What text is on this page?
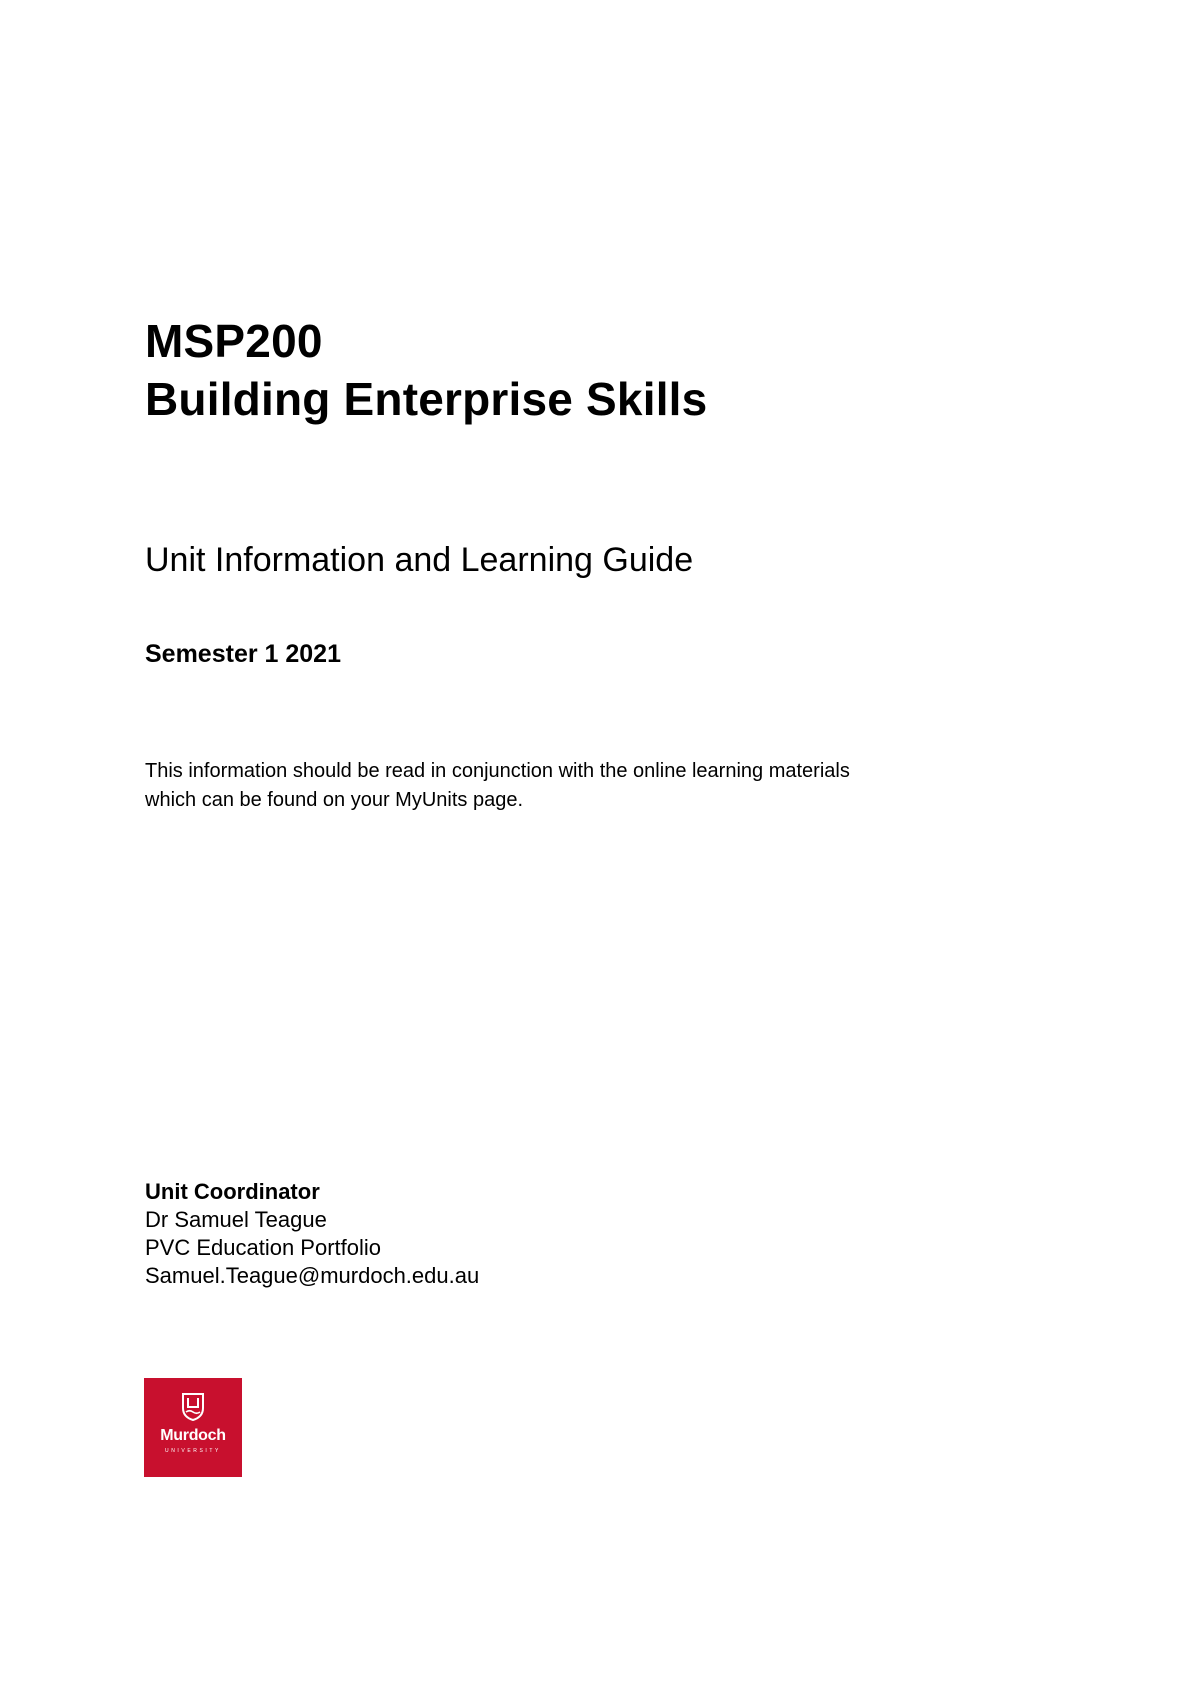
MSP200
Building Enterprise Skills
Unit Information and Learning Guide

Semester 1 2021

This information should be read in conjunction with the online learning materials
which can be found on your MyUnits page.

Unit Coordinator
Dr Samuel Teague
PVC Education Portfolio
Samuel.Teague@murdoch.edu.au
Murdoch
UNIVERSITY
